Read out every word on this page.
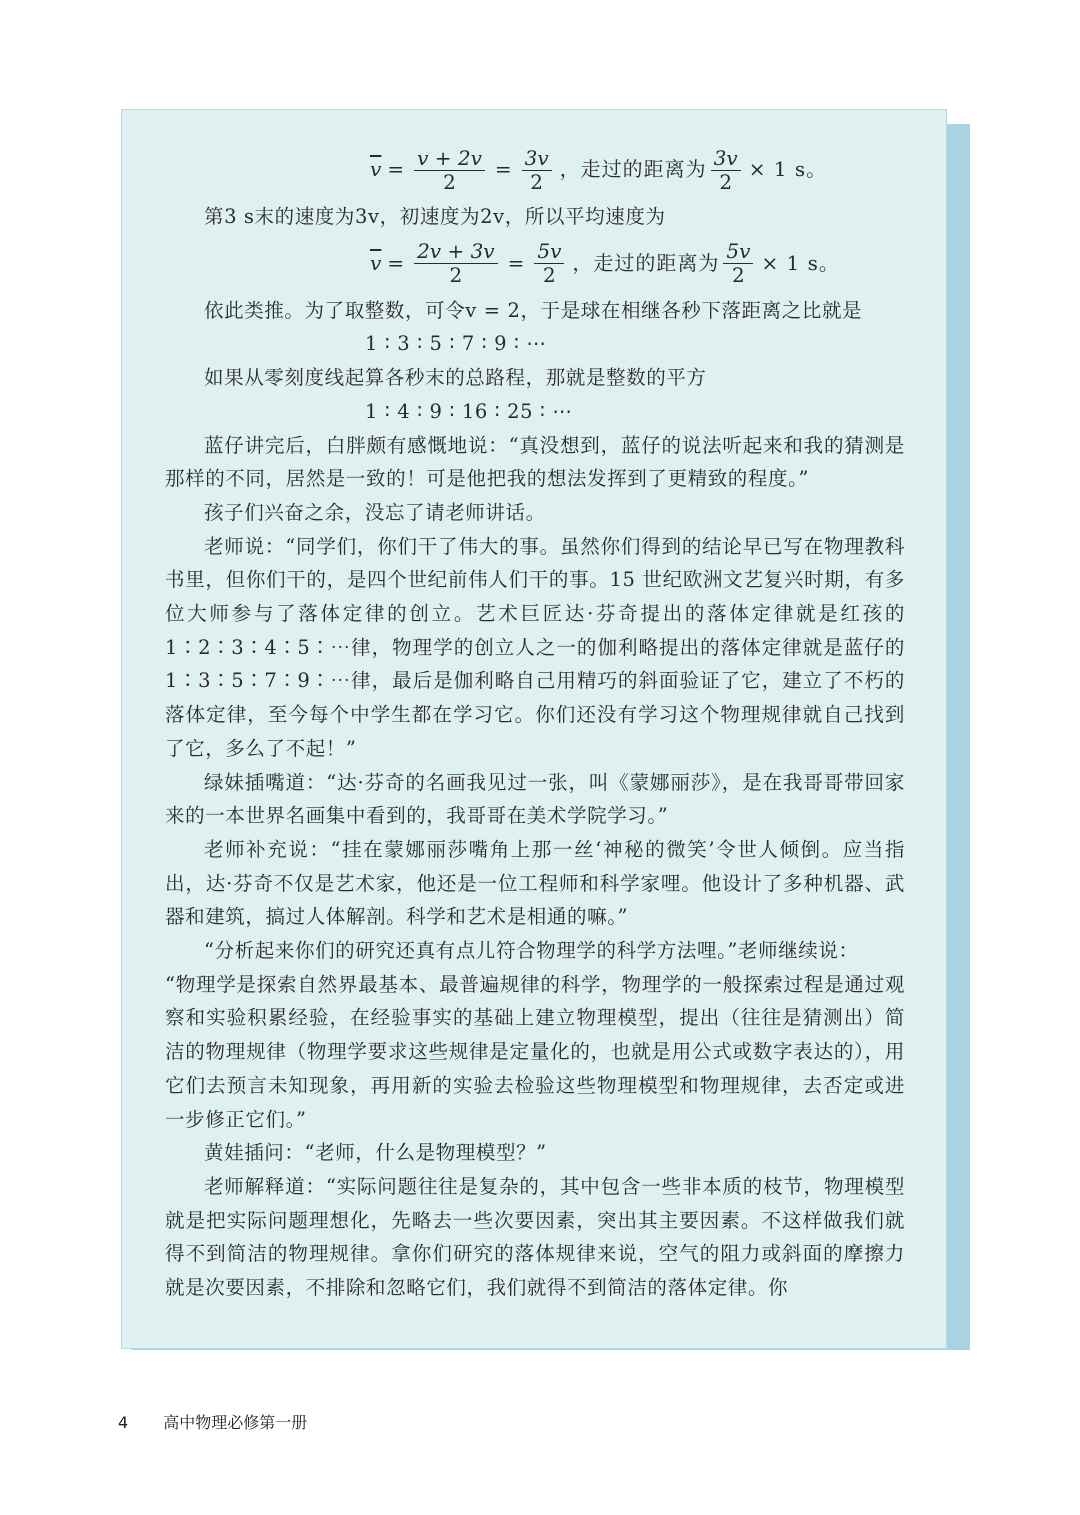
$\overline{v} = \frac{v + 2v}{2} = \frac{3v}{2}$ ，走过的距离为 $\frac{3v}{2} \times 1$ s。

第3 s末的速度为3v，初速度为2v，所以平均速度为

$\overline{v} = \frac{2v + 3v}{2} = \frac{5v}{2}$ ，走过的距离为 $\frac{5v}{2} \times 1$ s。

依此类推。为了取整数，可令v = 2，于是球在相继各秒下落距离之比就是

1 ∶ 3 ∶ 5 ∶ 7 ∶ 9 ∶ ⋯

如果从零刻度线起算各秒末的总路程，那就是整数的平方

1 ∶ 4 ∶ 9 ∶ 16 ∶ 25 ∶ ⋯

蓝仔讲完后，白胖颇有感慨地说：“真没想到，蓝仔的说法听起来和我的猜测是那样的不同，居然是一致的！可是他把我的想法发挥到了更精致的程度。”

孩子们兴奋之余，没忘了请老师讲话。

老师说：“同学们，你们干了伟大的事。虽然你们得到的结论早已写在物理教科书里，但你们干的，是四个世纪前伟人们干的事。15 世纪欧洲文艺复兴时期，有多位大师参与了落体定律的创立。艺术巨匠达·芬奇提出的落体定律就是红孩的1∶2∶3∶4∶5∶⋯律，物理学的创立人之一的伽利略提出的落体定律就是蓝仔的1∶3∶5∶7∶9∶⋯律，最后是伽利略自己用精巧的斜面验证了它，建立了不朽的落体定律，至今每个中学生都在学习它。你们还没有学习这个物理规律就自己找到了它，多么了不起！”

绿妹插嘴道：“达·芬奇的名画我见过一张，叫《蒙娜丽莎》，是在我哥哥带回家来的一本世界名画集中看到的，我哥哥在美术学院学习。”

老师补充说：“挂在蒙娜丽莎嘴角上那一丝‘神秘的微笑’令世人倾倒。应当指出，达·芬奇不仅是艺术家，他还是一位工程师和科学家哩。他设计了多种机器、武器和建筑，搞过人体解剖。科学和艺术是相通的嘛。”

“分析起来你们的研究还真有点儿符合物理学的科学方法哩。”老师继续说：

“物理学是探索自然界最基本、最普遍规律的科学，物理学的一般探索过程是通过观察和实验积累经验，在经验事实的基础上建立物理模型，提出（往往是猜测出）简洁的物理规律（物理学要求这些规律是定量化的，也就是用公式或数字表达的），用它们去预言未知现象，再用新的实验去检验这些物理模型和物理规律，去否定或进一步修正它们。”

黄娃插问：“老师，什么是物理模型？”

老师解释道：“实际问题往往是复杂的，其中包含一些非本质的枝节，物理模型就是把实际问题理想化，先略去一些次要因素，突出其主要因素。不这样做我们就得不到简洁的物理规律。拿你们研究的落体规律来说，空气的阻力或斜面的摩擦力就是次要因素，不排除和忽略它们，我们就得不到简洁的落体定律。你

4 高中物理必修第一册
